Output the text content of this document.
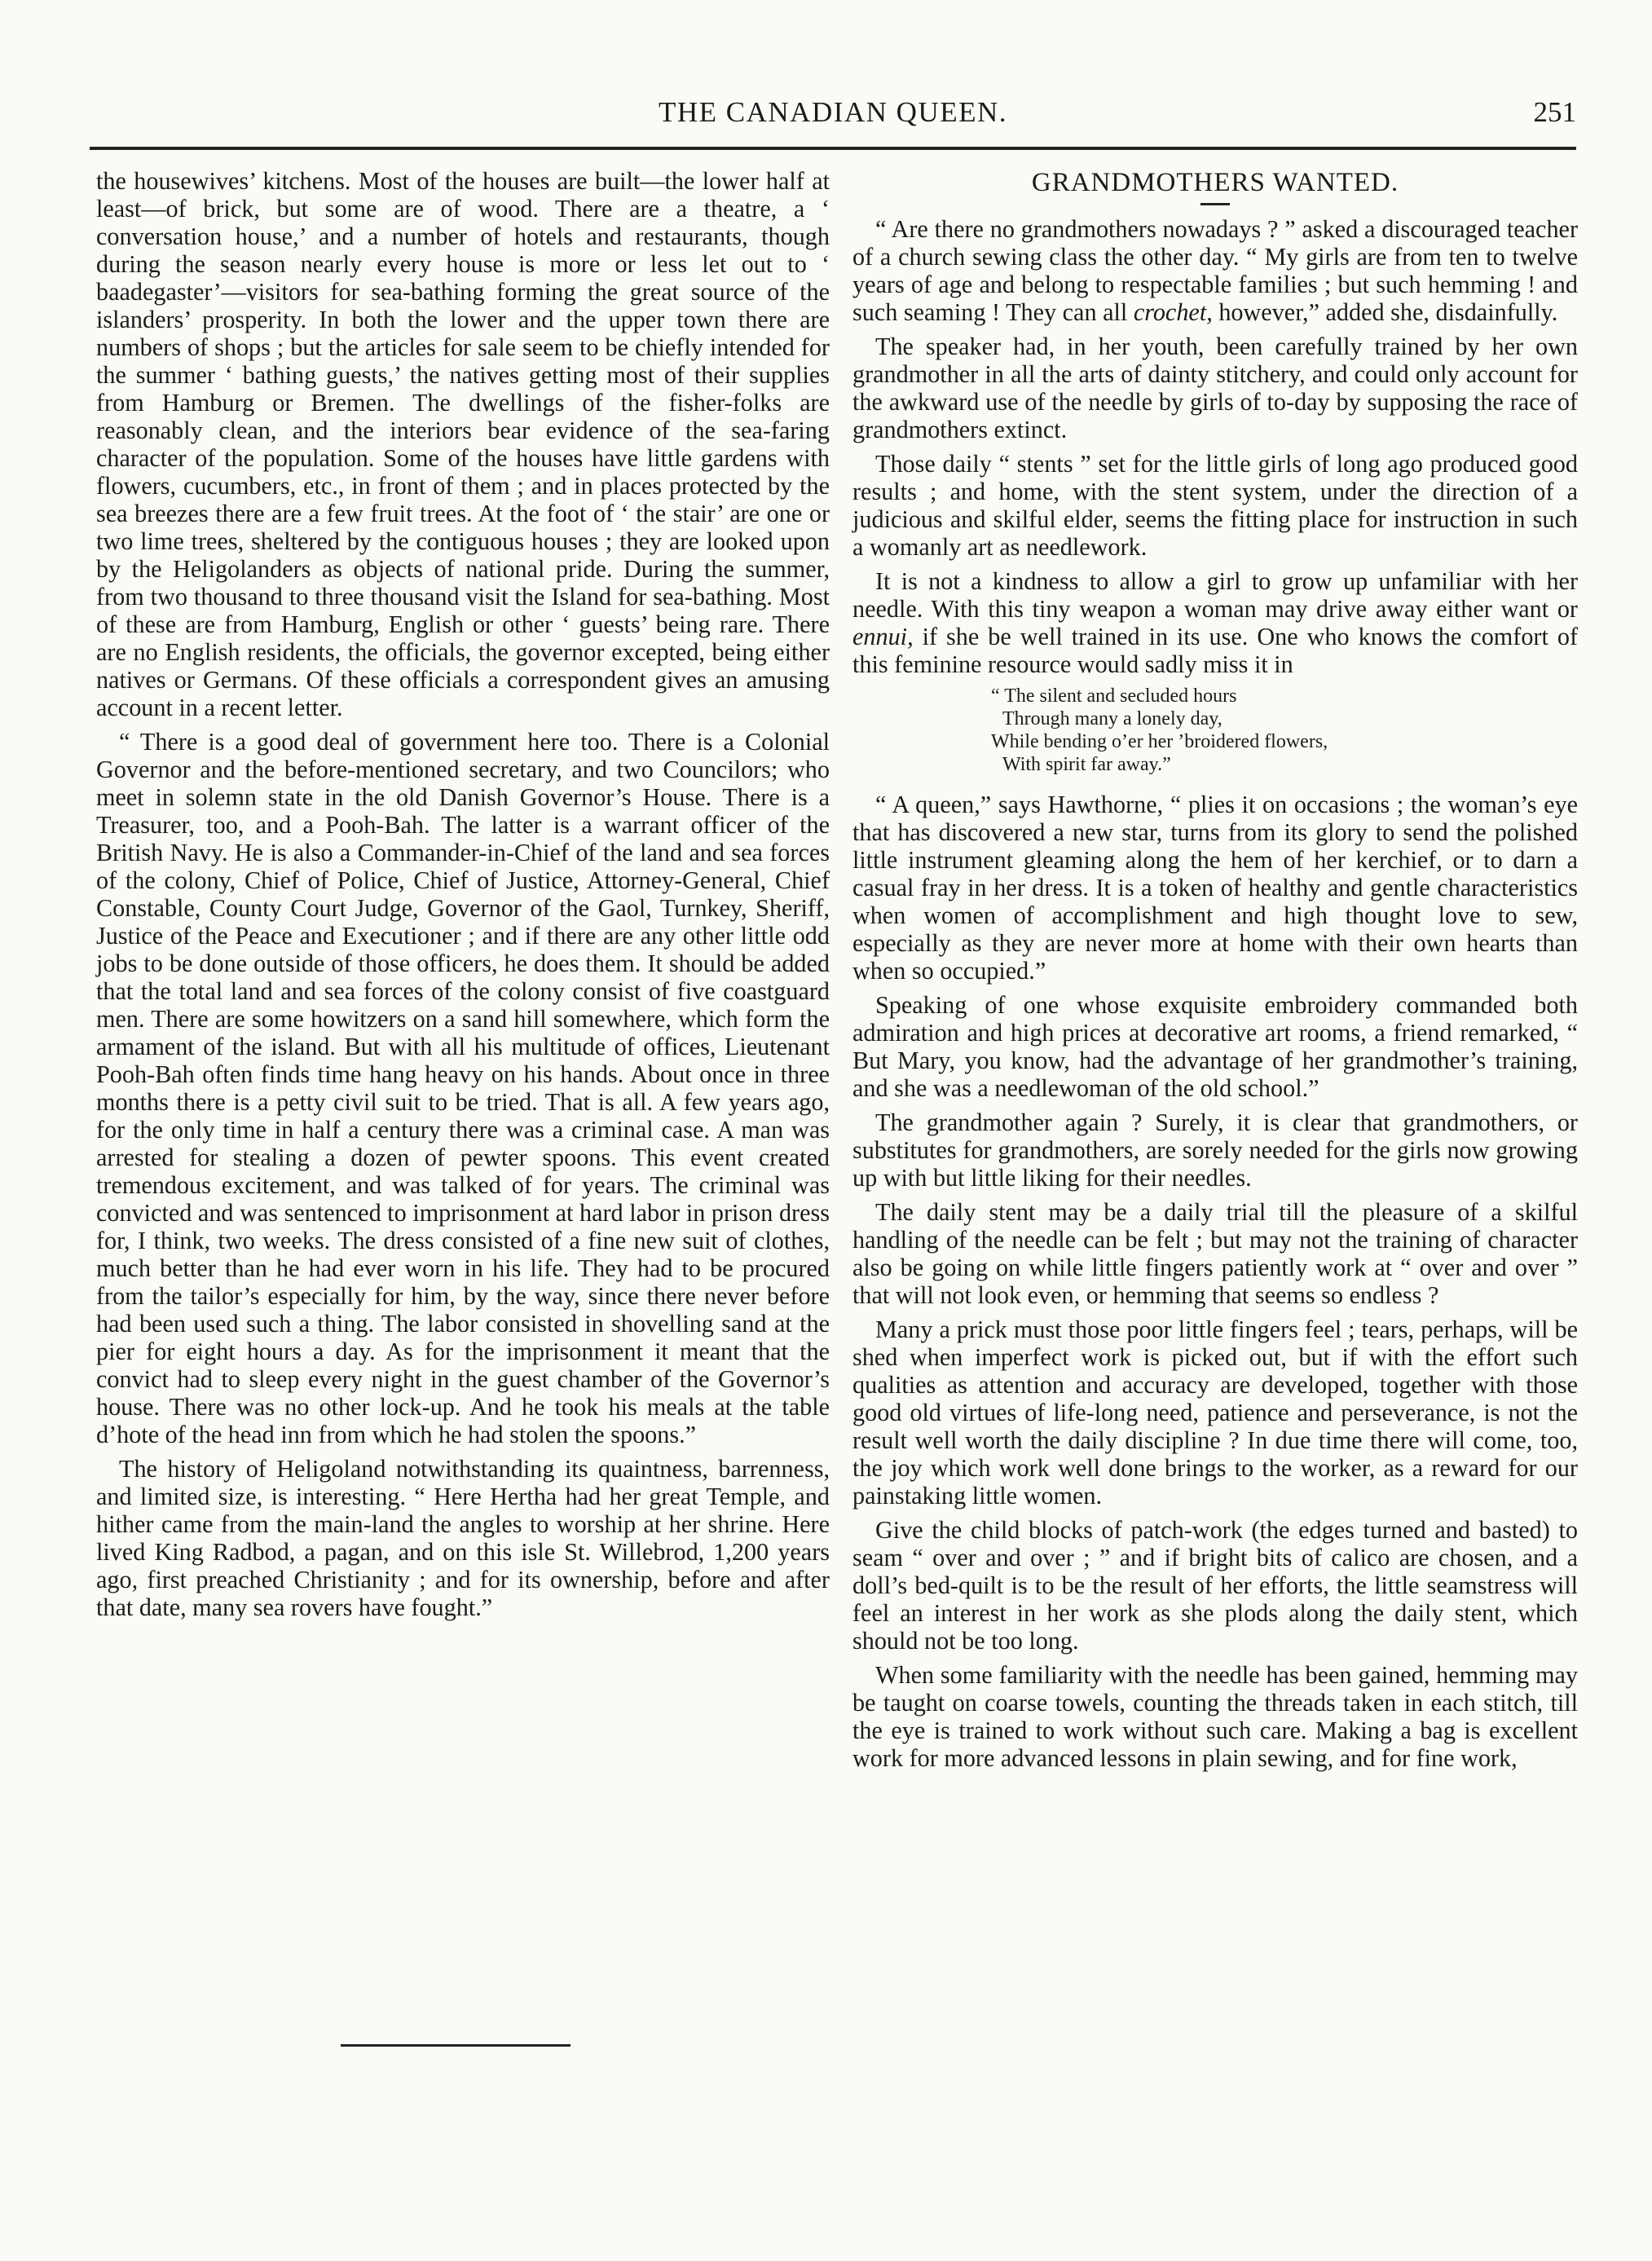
THE CANADIAN QUEEN.	251

the housewives’ kitchens. Most of the houses are built—the lower half at least—of brick, but some are of wood. There are a theatre, a ‘ conversation house,’ and a number of hotels and restaurants, though during the season nearly every house is more or less let out to ‘ baadegaster’—visitors for sea-bathing forming the great source of the islanders’ prosperity. In both the lower and the upper town there are numbers of shops ; but the articles for sale seem to be chiefly intended for the summer ‘ bathing guests,’ the natives getting most of their supplies from Hamburg or Bremen. The dwellings of the fisher-folks are reasonably clean, and the interiors bear evidence of the sea-faring character of the population. Some of the houses have little gardens with flowers, cucumbers, etc., in front of them ; and in places protected by the sea breezes there are a few fruit trees. At the foot of ‘ the stair’ are one or two lime trees, sheltered by the contiguous houses ; they are looked upon by the Heligolanders as objects of national pride. During the summer, from two thousand to three thousand visit the Island for sea-bathing. Most of these are from Hamburg, English or other ‘ guests’ being rare. There are no English residents, the officials, the governor excepted, being either natives or Germans. Of these officials a correspondent gives an amusing account in a recent letter.

“ There is a good deal of government here too. There is a Colonial Governor and the before-mentioned secretary, and two Councilors; who meet in solemn state in the old Danish Governor’s House. There is a Treasurer, too, and a Pooh-Bah. The latter is a warrant officer of the British Navy. He is also a Commander-in-Chief of the land and sea forces of the colony, Chief of Police, Chief of Justice, Attorney-General, Chief Constable, County Court Judge, Governor of the Gaol, Turnkey, Sheriff, Justice of the Peace and Executioner ; and if there are any other little odd jobs to be done outside of those officers, he does them. It should be added that the total land and sea forces of the colony consist of five coastguard men. There are some howitzers on a sand hill somewhere, which form the armament of the island. But with all his multitude of offices, Lieutenant Pooh-Bah often finds time hang heavy on his hands. About once in three months there is a petty civil suit to be tried. That is all. A few years ago, for the only time in half a century there was a criminal case. A man was arrested for stealing a dozen of pewter spoons. This event created tremendous excitement, and was talked of for years. The criminal was convicted and was sentenced to imprisonment at hard labor in prison dress for, I think, two weeks. The dress consisted of a fine new suit of clothes, much better than he had ever worn in his life. They had to be procured from the tailor’s especially for him, by the way, since there never before had been used such a thing. The labor consisted in shovelling sand at the pier for eight hours a day. As for the imprisonment it meant that the convict had to sleep every night in the guest chamber of the Governor’s house. There was no other lock-up. And he took his meals at the table d’hote of the head inn from which he had stolen the spoons.”

The history of Heligoland notwithstanding its quaintness, barrenness, and limited size, is interesting. “ Here Hertha had her great Temple, and hither came from the main-land the angles to worship at her shrine. Here lived King Radbod, a pagan, and on this isle St. Willebrod, 1,200 years ago, first preached Christianity ; and for its ownership, before and after that date, many sea rovers have fought.”

GRANDMOTHERS WANTED.

“ Are there no grandmothers nowadays ? ” asked a discouraged teacher of a church sewing class the other day. “ My girls are from ten to twelve years of age and belong to respectable families ; but such hemming ! and such seaming ! They can all crochet, however,” added she, disdainfully.

The speaker had, in her youth, been carefully trained by her own grandmother in all the arts of dainty stitchery, and could only account for the awkward use of the needle by girls of to-day by supposing the race of grandmothers extinct.

Those daily “ stents ” set for the little girls of long ago produced good results ; and home, with the stent system, under the direction of a judicious and skilful elder, seems the fitting place for instruction in such a womanly art as needlework.

It is not a kindness to allow a girl to grow up unfamiliar with her needle. With this tiny weapon a woman may drive away either want or ennui, if she be well trained in its use. One who knows the comfort of this feminine resource would sadly miss it in

“ The silent and secluded hours
Through many a lonely day,
While bending o’er her ’broidered flowers,
With spirit far away.”

“ A queen,” says Hawthorne, “ plies it on occasions ; the woman’s eye that has discovered a new star, turns from its glory to send the polished little instrument gleaming along the hem of her kerchief, or to darn a casual fray in her dress. It is a token of healthy and gentle characteristics when women of accomplishment and high thought love to sew, especially as they are never more at home with their own hearts than when so occupied.”

Speaking of one whose exquisite embroidery commanded both admiration and high prices at decorative art rooms, a friend remarked, “ But Mary, you know, had the advantage of her grandmother’s training, and she was a needlewoman of the old school.”

The grandmother again ? Surely, it is clear that grandmothers, or substitutes for grandmothers, are sorely needed for the girls now growing up with but little liking for their needles.

The daily stent may be a daily trial till the pleasure of a skilful handling of the needle can be felt ; but may not the training of character also be going on while little fingers patiently work at “ over and over ” that will not look even, or hemming that seems so endless ?

Many a prick must those poor little fingers feel ; tears, perhaps, will be shed when imperfect work is picked out, but if with the effort such qualities as attention and accuracy are developed, together with those good old virtues of life-long need, patience and perseverance, is not the result well worth the daily discipline ? In due time there will come, too, the joy which work well done brings to the worker, as a reward for our painstaking little women.

Give the child blocks of patch-work (the edges turned and basted) to seam “ over and over ; ” and if bright bits of calico are chosen, and a doll’s bed-quilt is to be the result of her efforts, the little seamstress will feel an interest in her work as she plods along the daily stent, which should not be too long.

When some familiarity with the needle has been gained, hemming may be taught on coarse towels, counting the threads taken in each stitch, till the eye is trained to work without such care. Making a bag is excellent work for more advanced lessons in plain sewing, and for fine work,
